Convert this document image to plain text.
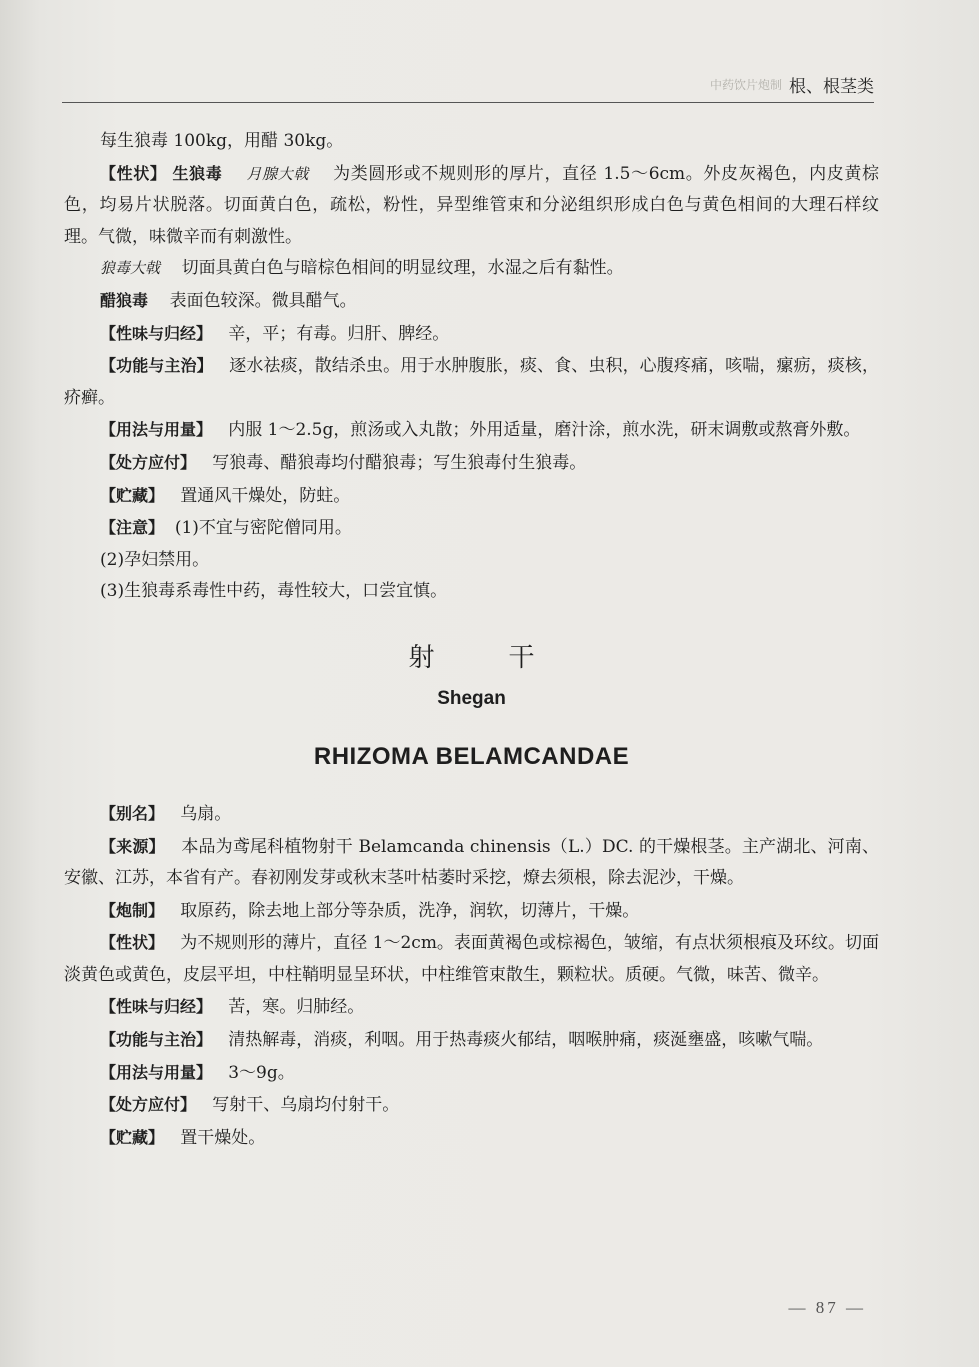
中药饮片炮制 根、根茎类

每生狼毒 100kg，用醋 30kg。

【性状】 生狼毒 月腺大戟 为类圆形或不规则形的厚片，直径 1.5～6cm。外皮灰褐色，内皮黄棕色，均易片状脱落。切面黄白色，疏松，粉性，异型维管束和分泌组织形成白色与黄色相间的大理石样纹理。气微，味微辛而有刺激性。

狼毒大戟 切面具黄白色与暗棕色相间的明显纹理，水湿之后有黏性。

醋狼毒 表面色较深。微具醋气。

【性味与归经】 辛，平；有毒。归肝、脾经。

【功能与主治】 逐水祛痰，散结杀虫。用于水肿腹胀，痰、食、虫积，心腹疼痛，咳喘，瘰疬，痰核，疥癣。

【用法与用量】 内服 1～2.5g，煎汤或入丸散；外用适量，磨汁涂，煎水洗，研末调敷或熬膏外敷。

【处方应付】 写狼毒、醋狼毒均付醋狼毒；写生狼毒付生狼毒。

【贮藏】 置通风干燥处，防蛀。

【注意】 (1)不宜与密陀僧同用。

(2)孕妇禁用。

(3)生狼毒系毒性中药，毒性较大，口尝宜慎。

射干
Shegan
RHIZOMA BELAMCANDAE

【别名】 乌扇。

【来源】 本品为鸢尾科植物射干 Belamcanda chinensis（L.）DC. 的干燥根茎。主产湖北、河南、安徽、江苏，本省有产。春初刚发芽或秋末茎叶枯萎时采挖，燎去须根，除去泥沙，干燥。

【炮制】 取原药，除去地上部分等杂质，洗净，润软，切薄片，干燥。

【性状】 为不规则形的薄片，直径 1～2cm。表面黄褐色或棕褐色，皱缩，有点状须根痕及环纹。切面淡黄色或黄色，皮层平坦，中柱鞘明显呈环状，中柱维管束散生，颗粒状。质硬。气微，味苦、微辛。

【性味与归经】 苦，寒。归肺经。

【功能与主治】 清热解毒，消痰，利咽。用于热毒痰火郁结，咽喉肿痛，痰涎壅盛，咳嗽气喘。

【用法与用量】 3～9g。

【处方应付】 写射干、乌扇均付射干。

【贮藏】 置干燥处。

— 87 —
